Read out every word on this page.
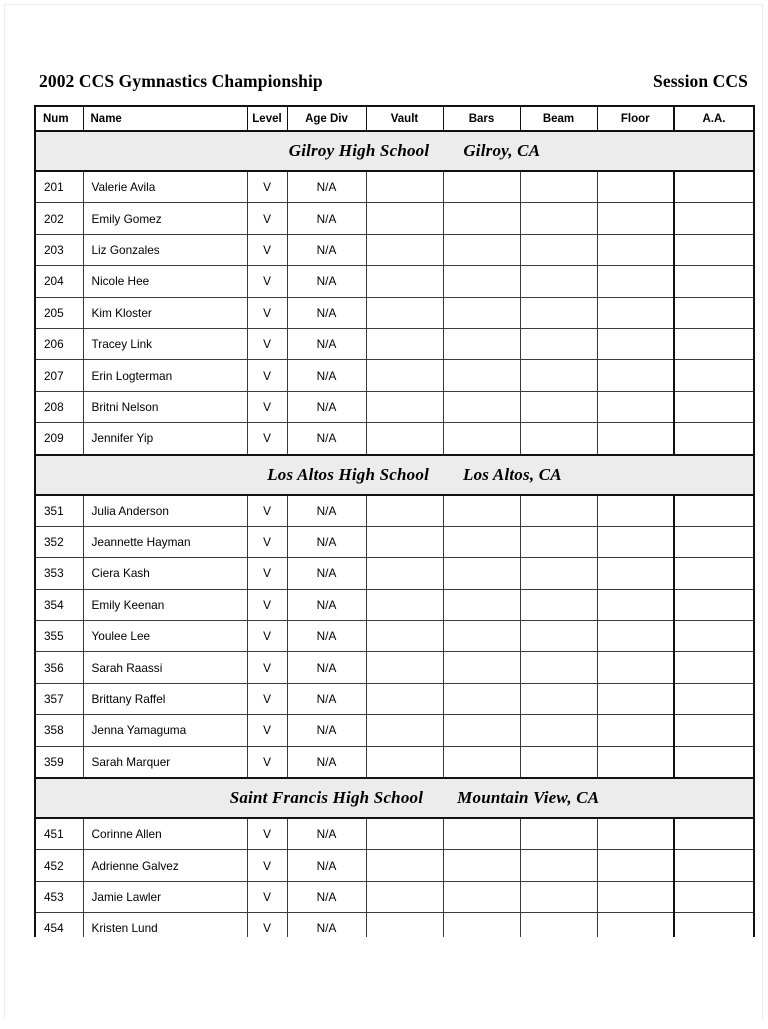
2002 CCS Gymnastics Championship	Session CCS
Num	Name	Level	Age Div	Vault	Bars	Beam	Floor	A.A.

Gilroy High School Gilroy, CA								

201	Valerie Avila	V	N/A					
202	Emily Gomez	V	N/A					
203	Liz Gonzales	V	N/A					
204	Nicole Hee	V	N/A					
205	Kim Kloster	V	N/A					
206	Tracey Link	V	N/A					
207	Erin Logterman	V	N/A					
208	Britni Nelson	V	N/A					
209	Jennifer Yip	V	N/A					

Los Altos High School Los Altos, CA								

351	Julia Anderson	V	N/A					
352	Jeannette Hayman	V	N/A					
353	Ciera Kash	V	N/A					
354	Emily Keenan	V	N/A					
355	Youlee Lee	V	N/A					
356	Sarah Raassi	V	N/A					
357	Brittany Raffel	V	N/A					
358	Jenna Yamaguma	V	N/A					
359	Sarah Marquer	V	N/A					

Saint Francis High School Mountain View, CA								

451	Corinne Allen	V	N/A					
452	Adrienne Galvez	V	N/A					
453	Jamie Lawler	V	N/A					
454	Kristen Lund	V	N/A					
